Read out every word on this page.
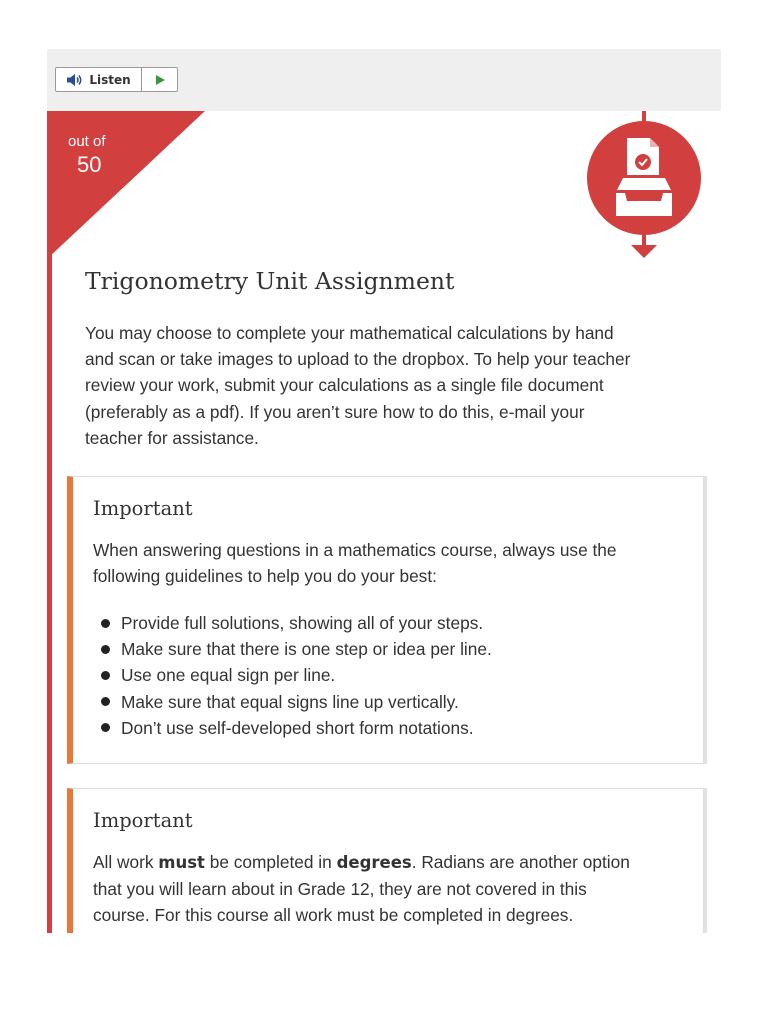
Listen
out of
50
Trigonometry Unit Assignment

You may choose to complete your mathematical calculations by hand
and scan or take images to upload to the dropbox. To help your teacher
review your work, submit your calculations as a single file document
(preferably as a pdf). If you aren’t sure how to do this, e-mail your
teacher for assistance.

Important

When answering questions in a mathematics course, always use the
following guidelines to help you do your best:

Provide full solutions, showing all of your steps.
Make sure that there is one step or idea per line.
Use one equal sign per line.
Make sure that equal signs line up vertically.
Don’t use self-developed short form notations.
Important

All work must be completed in degrees. Radians are another option
that you will learn about in Grade 12, they are not covered in this
course. For this course all work must be completed in degrees.
